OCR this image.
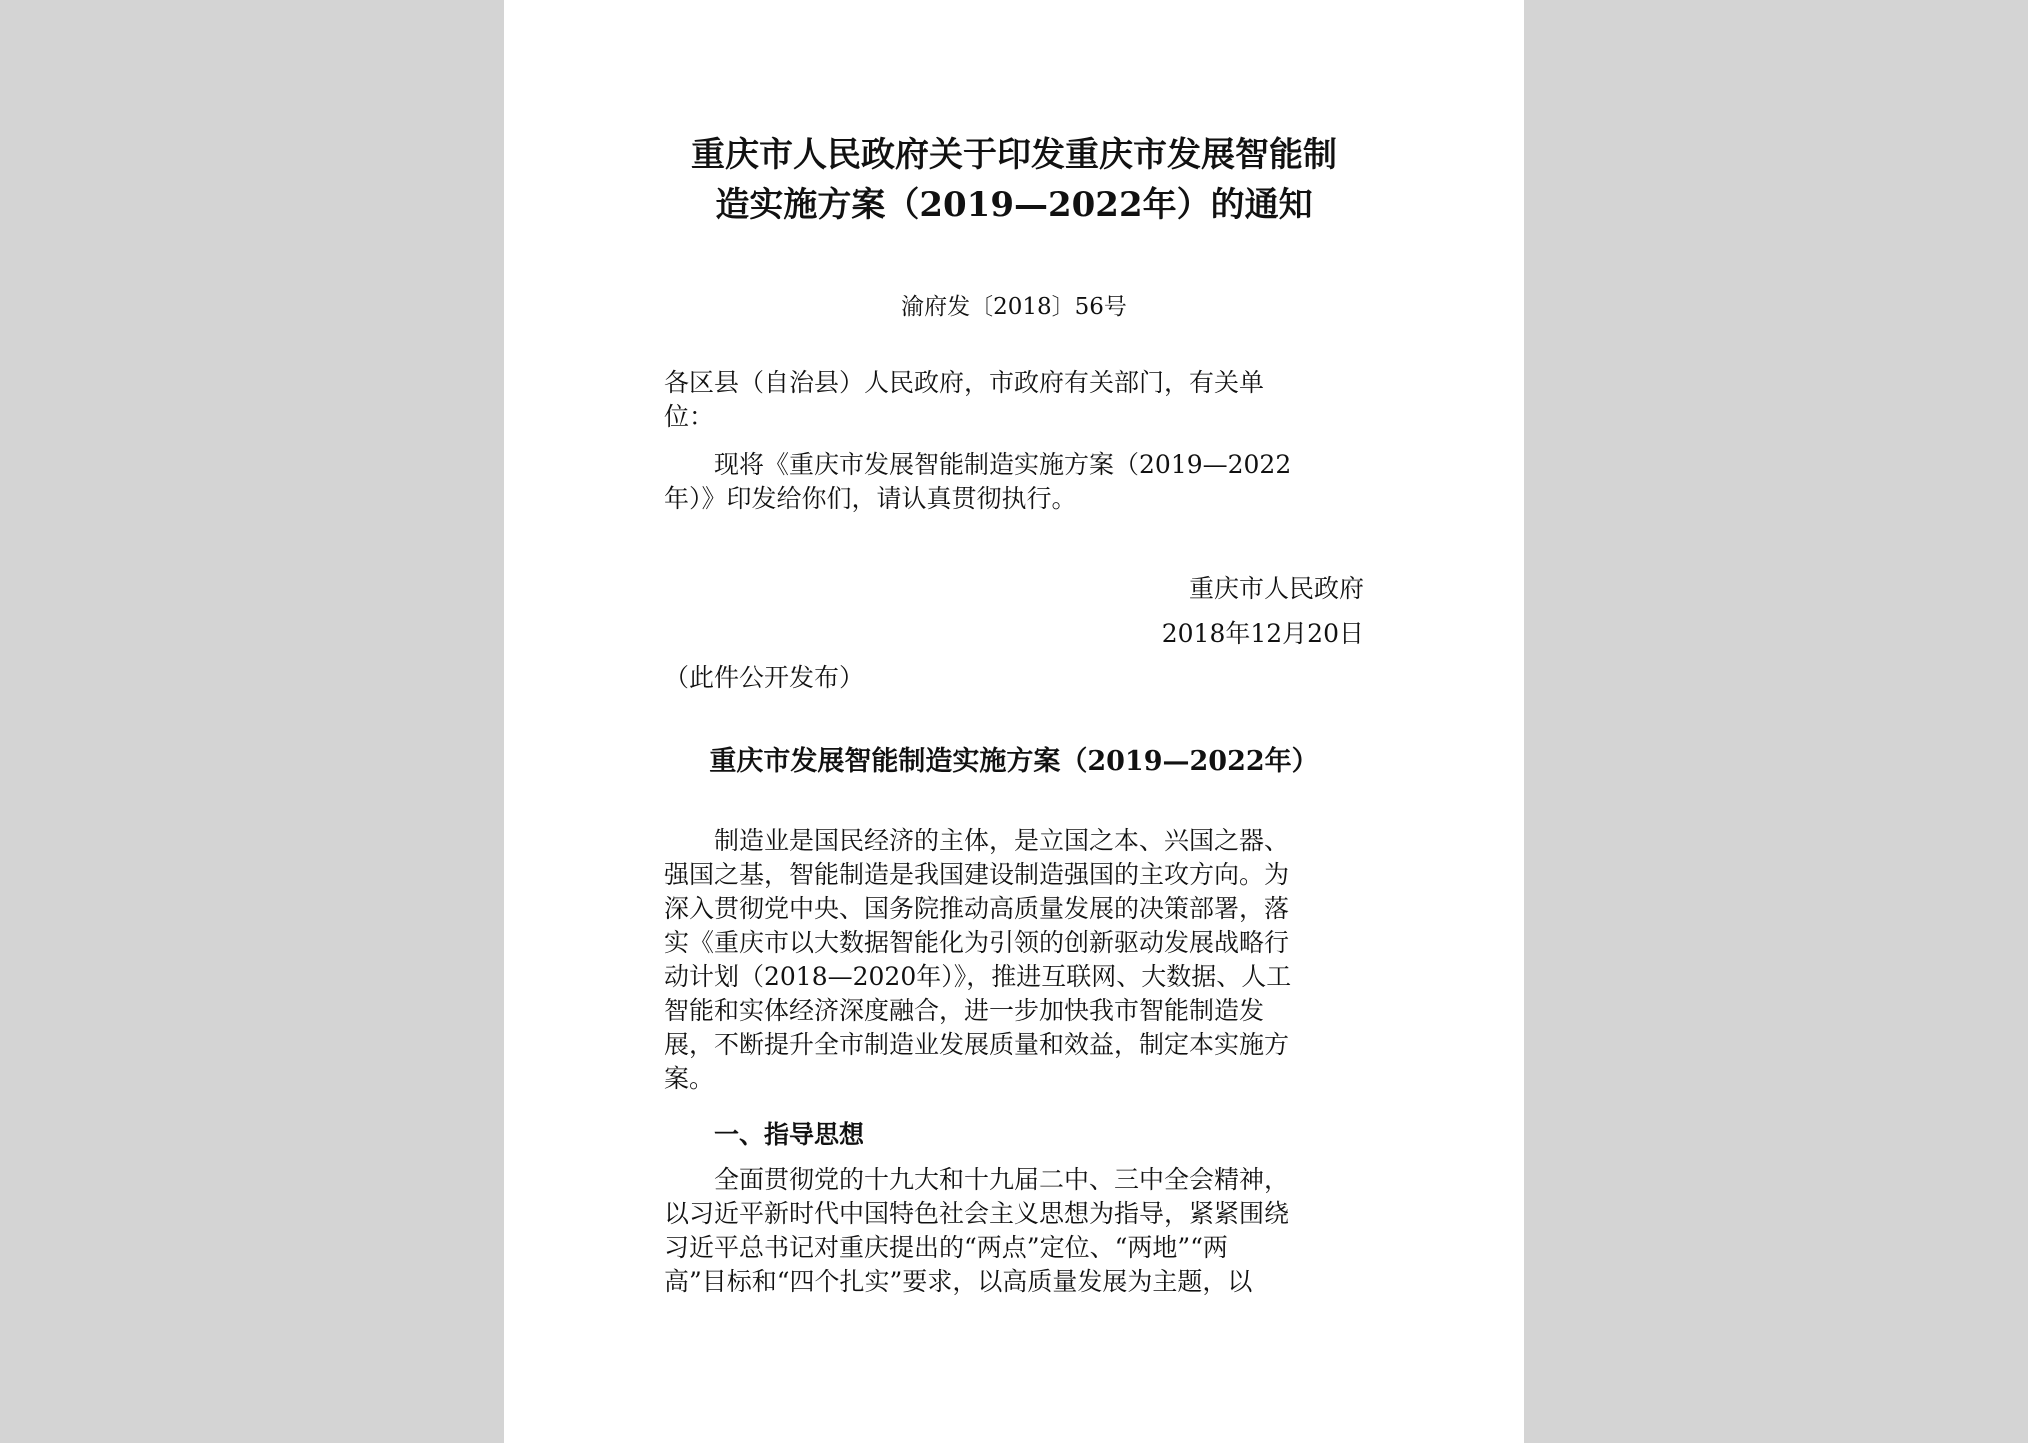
重庆市人民政府关于印发重庆市发展智能制
造实施方案（2019—2022年）的通知
渝府发〔2018〕56号
各区县（自治县）人民政府，市政府有关部门，有关单
位：
现将《重庆市发展智能制造实施方案（2019—2022
年）》印发给你们，请认真贯彻执行。
重庆市人民政府
2018年12月20日
（此件公开发布）
重庆市发展智能制造实施方案（2019—2022年）
制造业是国民经济的主体，是立国之本、兴国之器、
强国之基，智能制造是我国建设制造强国的主攻方向。为
深入贯彻党中央、国务院推动高质量发展的决策部署，落
实《重庆市以大数据智能化为引领的创新驱动发展战略行
动计划（2018—2020年）》，推进互联网、大数据、人工
智能和实体经济深度融合，进一步加快我市智能制造发
展，不断提升全市制造业发展质量和效益，制定本实施方
案。
一、指导思想
全面贯彻党的十九大和十九届二中、三中全会精神，
以习近平新时代中国特色社会主义思想为指导，紧紧围绕
习近平总书记对重庆提出的“两点”定位、“两地”“两
高”目标和“四个扎实”要求，以高质量发展为主题，以
